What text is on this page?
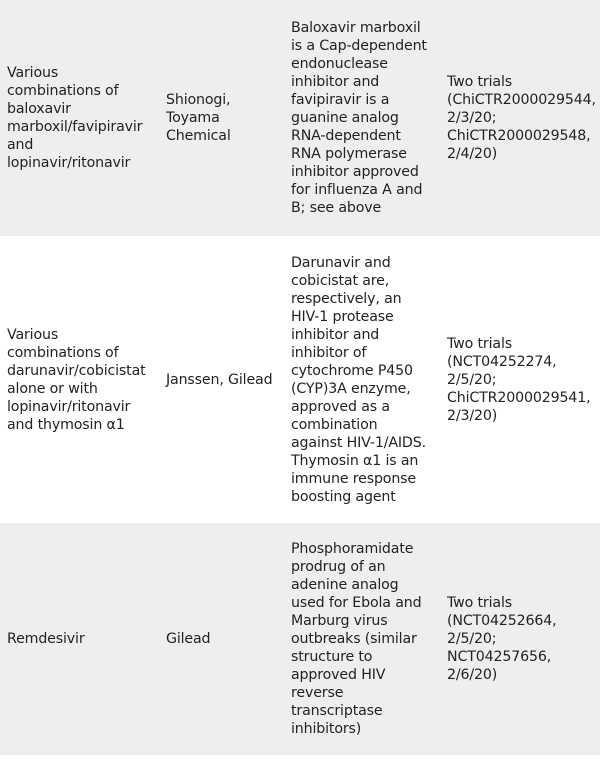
Various
combinations of
baloxavir
marboxil/favipiravir
and
lopinavir/ritonavir
Shionogi,
Toyama
Chemical
Baloxavir marboxil
is a Cap-dependent
endonuclease
inhibitor and
favipiravir is a
guanine analog
RNA-dependent
RNA polymerase
inhibitor approved
for influenza A and
B; see above
Two trials
(ChiCTR2000029544,
2/3/20;
ChiCTR2000029548,
2/4/20)
Various
combinations of
darunavir/cobicistat
alone or with
lopinavir/ritonavir
and thymosin α1
Janssen, Gilead
Darunavir and
cobicistat are,
respectively, an
HIV-1 protease
inhibitor and
inhibitor of
cytochrome P450
(CYP)3A enzyme,
approved as a
combination
against HIV-1/AIDS.
Thymosin α1 is an
immune response
boosting agent
Two trials
(NCT04252274,
2/5/20;
ChiCTR2000029541,
2/3/20)
Remdesivir	Gilead
Phosphoramidate
prodrug of an
adenine analog
used for Ebola and
Marburg virus
outbreaks (similar
structure to
approved HIV
reverse
transcriptase
inhibitors)
Two trials
(NCT04252664,
2/5/20;
NCT04257656,
2/6/20)
